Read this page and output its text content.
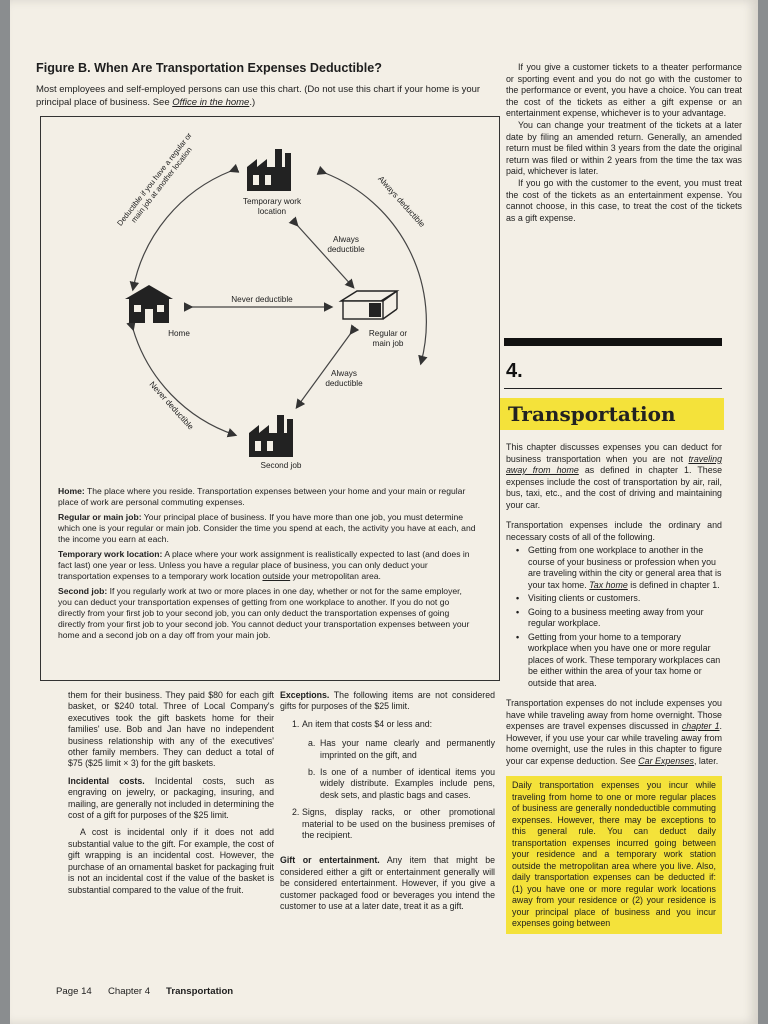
Figure B. When Are Transportation Expenses Deductible?
Most employees and self-employed persons can use this chart. (Do not use this chart if your home is your principal place of business. See Office in the home.)
Temporary work location
Always deductible
Never deductible
Home	Regular or main job
Always deductible
Second job
Deductible if you have a regular or main job at another location	Always deductible
Never deductible

Home: The place where you reside. Transportation expenses between your home and your main or regular place of work are personal commuting expenses.

Regular or main job: Your principal place of business. If you have more than one job, you must determine which one is your regular or main job. Consider the time you spend at each, the activity you have at each, and the income you earn at each.

Temporary work location: A place where your work assignment is realistically expected to last (and does in fact last) one year or less. Unless you have a regular place of business, you can only deduct your transportation expenses to a temporary work location outside your metropolitan area.

Second job: If you regularly work at two or more places in one day, whether or not for the same employer, you can deduct your transportation expenses of getting from one workplace to another. If you do not go directly from your first job to your second job, you can only deduct the transportation expenses of going directly from your first job to your second job. You cannot deduct your transportation expenses between your home and a second job on a day off from your main job.

them for their business. They paid $80 for each gift basket, or $240 total. Three of Local Company's executives took the gift baskets home for their families' use. Bob and Jan have no independent business relationship with any of the executives' other family members. They can deduct a total of $75 ($25 limit × 3) for the gift baskets.

Incidental costs. Incidental costs, such as engraving on jewelry, or packaging, insuring, and mailing, are generally not included in determining the cost of a gift for purposes of the $25 limit.

A cost is incidental only if it does not add substantial value to the gift. For example, the cost of gift wrapping is an incidental cost. However, the purchase of an ornamental basket for packaging fruit is not an incidental cost if the value of the basket is substantial compared to the value of the fruit.

Exceptions. The following items are not considered gifts for purposes of the $25 limit.

1. An item that costs $4 or less and:
a. Has your name clearly and permanently imprinted on the gift, and
b. Is one of a number of identical items you widely distribute. Examples include pens, desk sets, and plastic bags and cases.
2. Signs, display racks, or other promotional material to be used on the business premises of the recipient.

Gift or entertainment. Any item that might be considered either a gift or entertainment generally will be considered entertainment. However, if you give a customer packaged food or beverages you intend the customer to use at a later date, treat it as a gift.

If you give a customer tickets to a theater performance or sporting event and you do not go with the customer to the performance or event, you have a choice. You can treat the cost of the tickets as either a gift expense or an entertainment expense, whichever is to your advantage.

You can change your treatment of the tickets at a later date by filing an amended return. Generally, an amended return must be filed within 3 years from the date the original return was filed or within 2 years from the time the tax was paid, whichever is later.

If you go with the customer to the event, you must treat the cost of the tickets as an entertainment expense. You cannot choose, in this case, to treat the cost of the tickets as a gift expense.

4.
Transportation

This chapter discusses expenses you can deduct for business transportation when you are not traveling away from home as defined in chapter 1. These expenses include the cost of transportation by air, rail, bus, taxi, etc., and the cost of driving and maintaining your car.

Transportation expenses include the ordinary and necessary costs of all of the following.

• Getting from one workplace to another in the course of your business or profession when you are traveling within the city or general area that is your tax home. Tax home is defined in chapter 1.
• Visiting clients or customers.
• Going to a business meeting away from your regular workplace.
• Getting from your home to a temporary workplace when you have one or more regular places of work. These temporary workplaces can be either within the area of your tax home or outside that area.

Transportation expenses do not include expenses you have while traveling away from home overnight. Those expenses are travel expenses discussed in chapter 1. However, if you use your car while traveling away from home overnight, use the rules in this chapter to figure your car expense deduction. See Car Expenses, later.

Daily transportation expenses you incur while traveling from home to one or more regular places of business are generally nondeductible commuting expenses. However, there may be exceptions to this general rule. You can deduct daily transportation expenses incurred going between your residence and a temporary work station outside the metropolitan area where you live. Also, daily transportation expenses can be deducted if: (1) you have one or more regular work locations away from your residence or (2) your residence is your principal place of business and you incur expenses going between

Page 14 Chapter 4 Transportation
